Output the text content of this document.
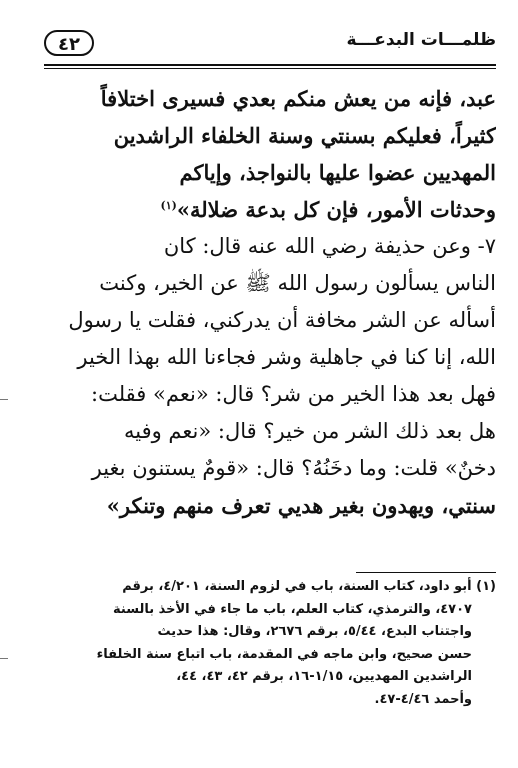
ظلمـــات البدعـــة
٤٢
عبد، فإنه من يعش منكم بعدي فسيرى اختلافاً
كثيراً، فعليكم بسنتي وسنة الخلفاء الراشدين
المهديين عضوا عليها بالنواجذ، وإياكم
وحدثات الأمور، فإن كل بدعة ضلالة»$^{(١)}$
٧- وعن حذيفة رضي الله عنه قال: كان
الناس يسألون رسول الله ﷺ عن الخير، وكنت
أسأله عن الشر مخافة أن يدركني، فقلت يا رسول
الله، إنا كنا في جاهلية وشر فجاءنا الله بهذا الخير
فهل بعد هذا الخير من شر؟ قال: «نعم» فقلت:
هل بعد ذلك الشر من خير؟ قال: «نعم وفيه
دخنٌ» قلت: وما دخَنُهُ؟ قال: «قومٌ يستنون بغير
سنتي، ويهدون بغير هديي تعرف منهم وتنكر»
(١) أبو داود، كتاب السنة، باب في لزوم السنة، ٤/٢٠١، برقم
٤٧٠٧، والترمذي، كتاب العلم، باب ما جاء في الأخذ بالسنة
واجتناب البدع، ٥/٤٤، برقم ٢٦٧٦، وقال: هذا حديث
حسن صحيح، وابن ماجه في المقدمة، باب اتباع سنة الخلفاء
الراشدين المهديين، ١/١٥-١٦، برقم ٤٢، ٤٣، ٤٤،
وأحمد ٤/٤٦-٤٧.
